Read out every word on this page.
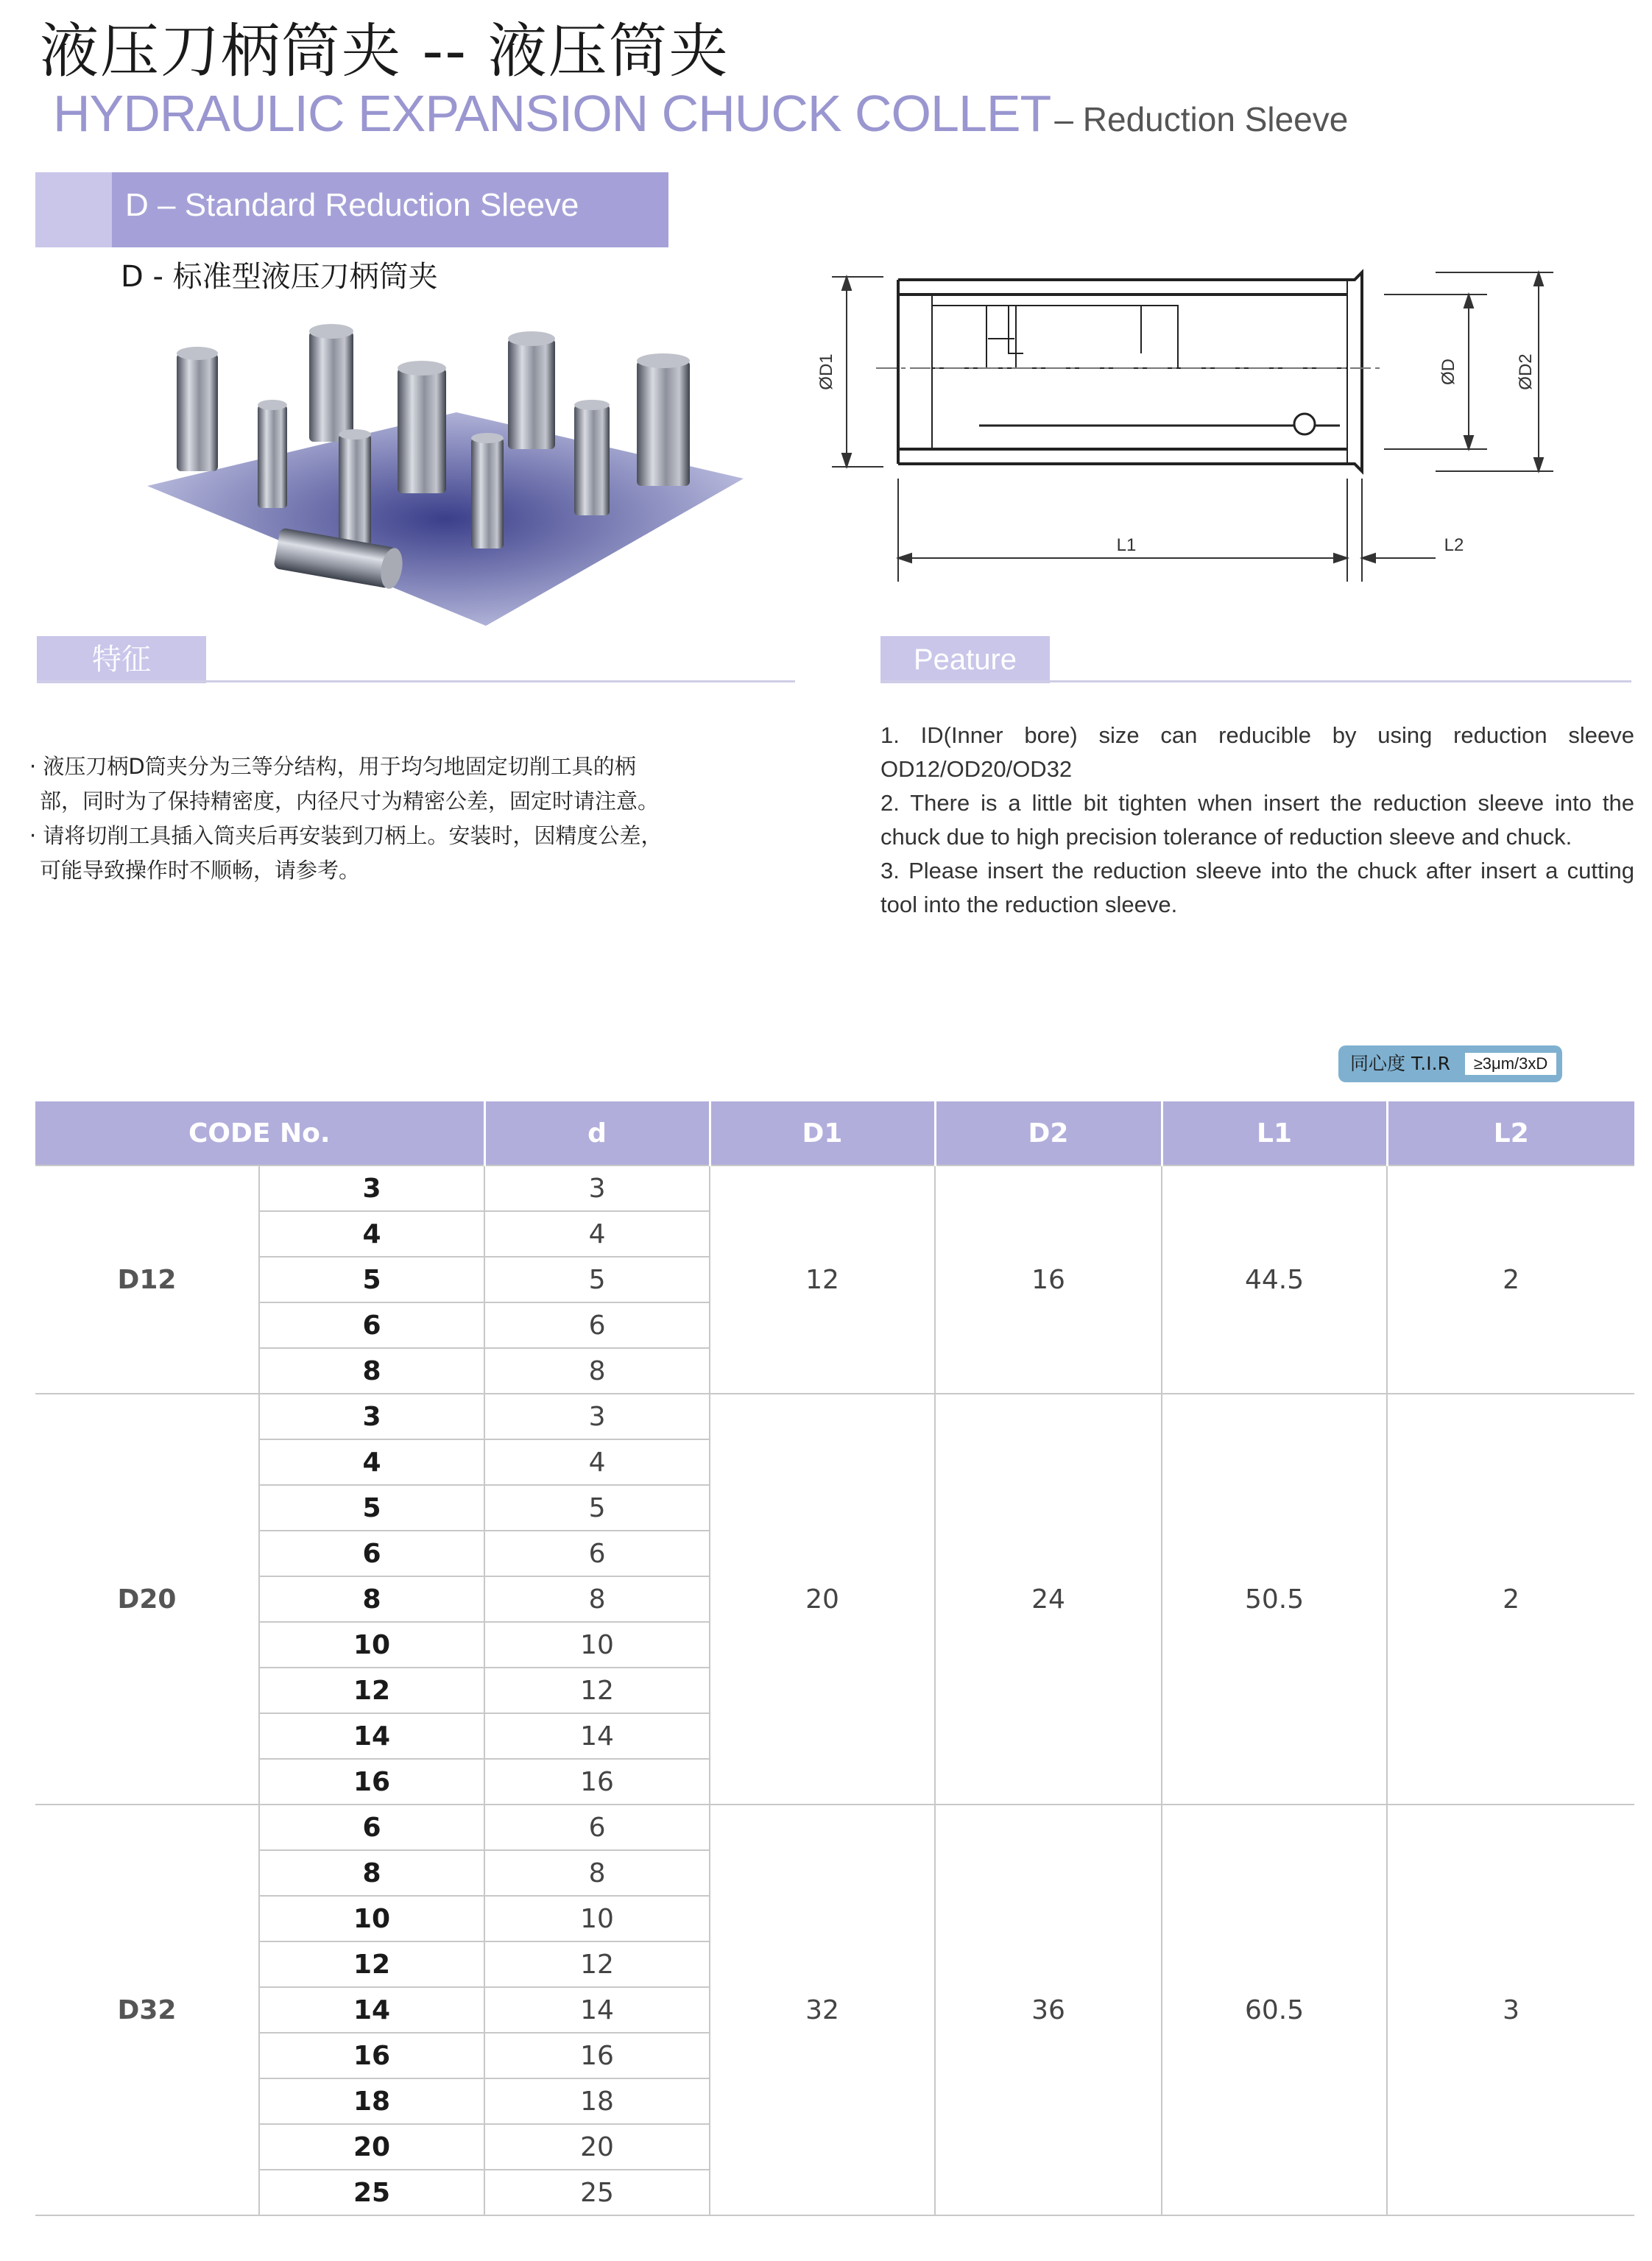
液压刀柄筒夹 -- 液压筒夹
HYDRAULIC EXPANSION CHUCK COLLET – Reduction Sleeve
D – Standard Reduction Sleeve
D - 标准型液压刀柄筒夹
ØD1	ØD	ØD2
L1	L2
特征	Peature

· 液压刀柄D筒夹分为三等分结构，用于均匀地固定切削工具的柄部，同时为了保持精密度，内径尺寸为精密公差，固定时请注意。

· 请将切削工具插入筒夹后再安装到刀柄上。安装时，因精度公差，可能导致操作时不顺畅，请参考。

1. ID(Inner bore) size can reducible by using reduction sleeve OD12/OD20/OD32

2. There is a little bit tighten when insert the reduction sleeve into the chuck due to high precision tolerance of reduction sleeve and chuck.

3. Please insert the reduction sleeve into the chuck after insert a cutting tool into the reduction sleeve.

同心度 T.I.R	≥3μm/3xD
CODE No.		d	D1	D2	L1	L2
D12	3	3	12	16	44.5	2
	4	4				
	5	5				
	6	6				
	8	8				
D20	3	3	20	24	50.5	2
	4	4				
	5	5				
	6	6				
	8	8				
	10	10				
	12	12				
	14	14				
	16	16				
D32	6	6	32	36	60.5	3
	8	8				
	10	10				
	12	12				
	14	14				
	16	16				
	18	18				
	20	20				
	25	25				
